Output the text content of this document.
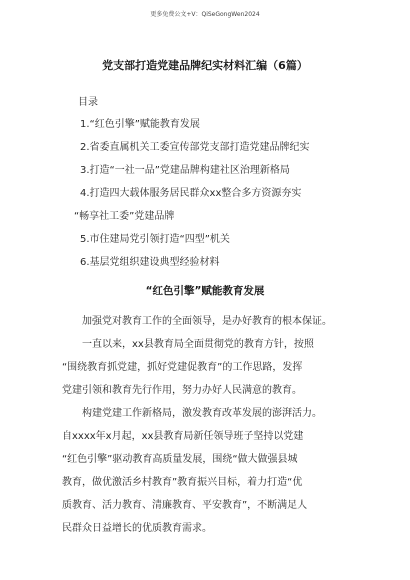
更多免费公文+V：QiSeGongWen2024
党支部打造党建品牌纪实材料汇编（6篇）
目录
1.“红色引擎”赋能教育发展
2.省委直属机关工委宣传部党支部打造党建品牌纪实
3.打造“一社一品”党建品牌构建社区治理新格局
4.打造四大载体服务居民群众xx整合多方资源夯实
“畅享社工委”党建品牌
5.市住建局党引领打造“四型”机关
6.基层党组织建设典型经验材料
“红色引擎”赋能教育发展
加强党对教育工作的全面领导，是办好教育的根本保证。
一直以来，xx县教育局全面贯彻党的教育方针，按照
“围绕教育抓党建，抓好党建促教育”的工作思路，发挥
党建引领和教育先行作用，努力办好人民满意的教育。
构建党建工作新格局，激发教育改革发展的澎湃活力。
自xxxx年x月起，xx县教育局新任领导班子坚持以党建
“红色引擎”驱动教育高质量发展，围绕“做大做强县城
教育，做优激活乡村教育”教育振兴目标，着力打造“优
质教育、活力教育、清廉教育、平安教育”，不断满足人
民群众日益增长的优质教育需求。
